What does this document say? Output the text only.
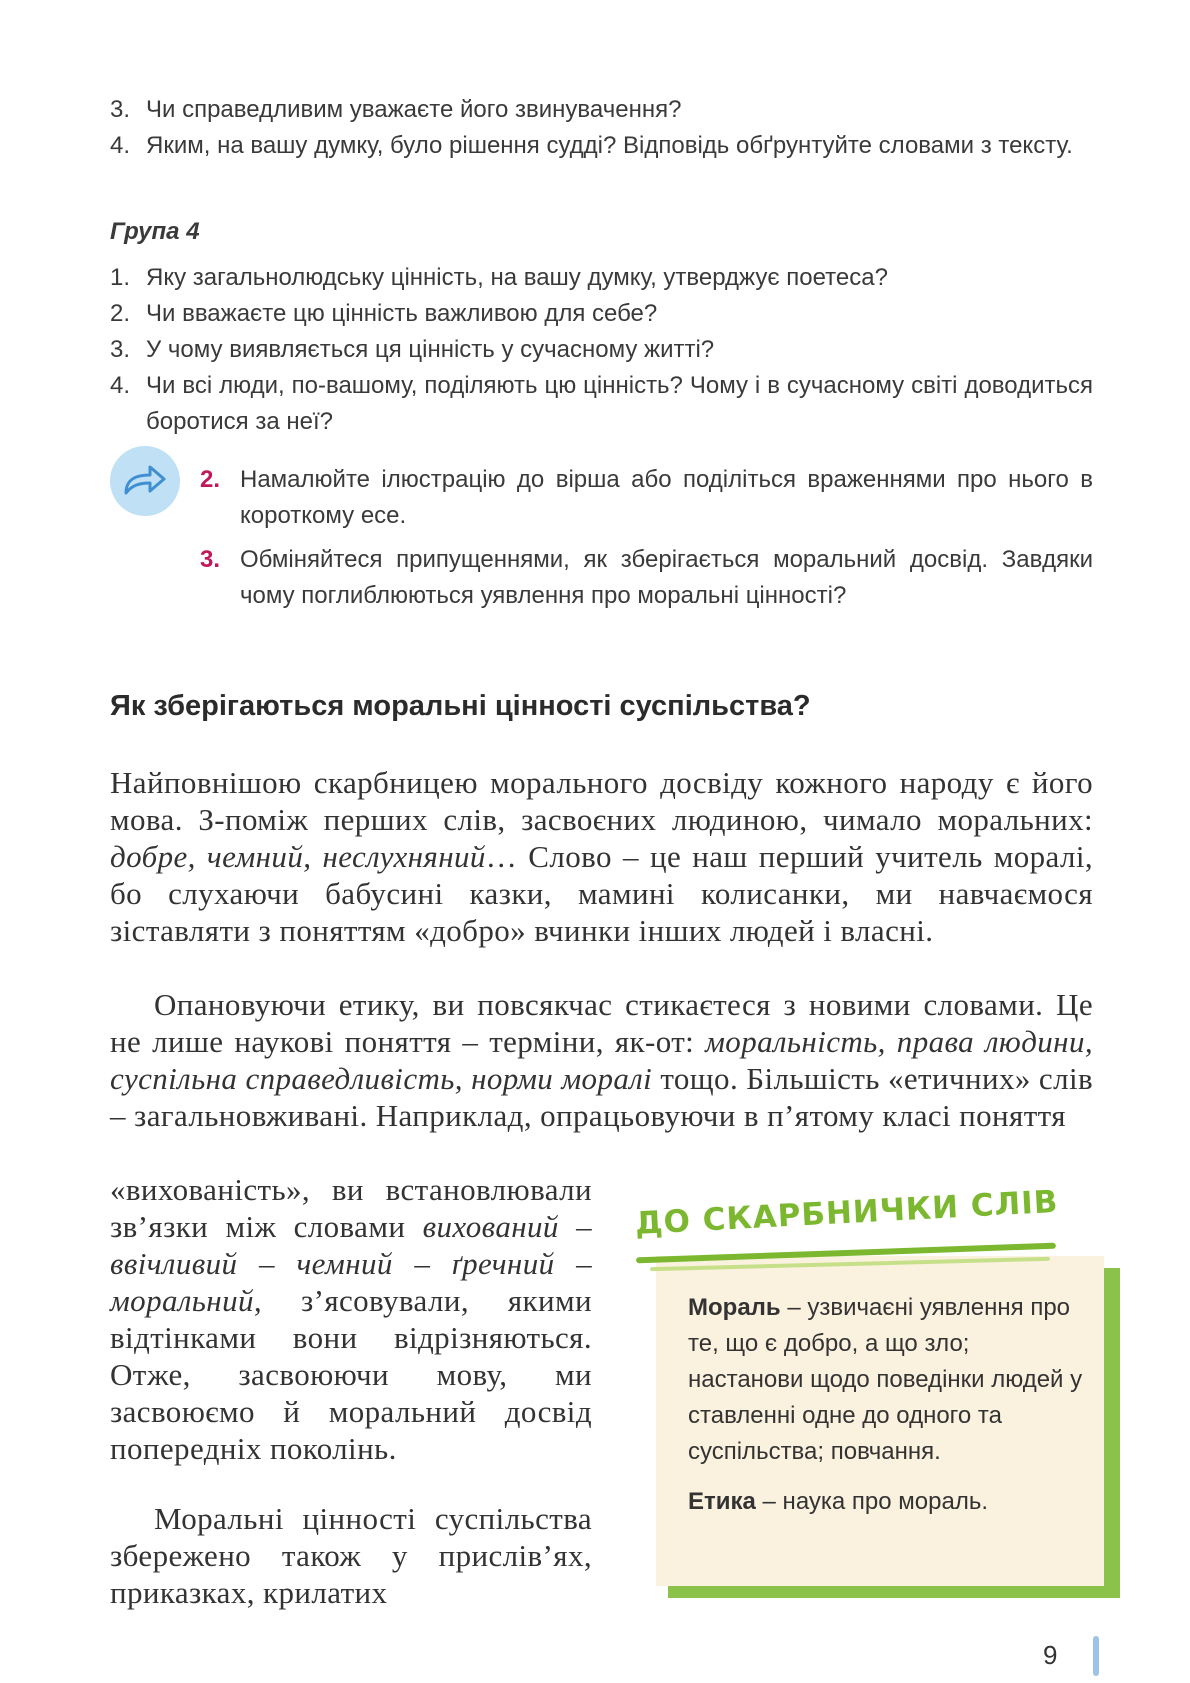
3. Чи справедливим уважаєте його звинувачення?
4. Яким, на вашу думку, було рішення судді? Відповідь обґрунтуйте словами з тексту.
Група 4
1. Яку загальнолюдську цінність, на вашу думку, утверджує поетеса?
2. Чи вважаєте цю цінність важливою для себе?
3. У чому виявляється ця цінність у сучасному житті?
4. Чи всі люди, по-вашому, поділяють цю цінність? Чому і в сучасному світі доводиться боротися за неї?
2. Намалюйте ілюстрацію до вірша або поділіться враженнями про нього в короткому есе.
3. Обміняйтеся припущеннями, як зберігається моральний досвід. Завдяки чому поглиблюються уявлення про моральні цінності?
Як зберігаються моральні цінності суспільства?

Найповнішою скарбницею морального досвіду кожного народу є його мова. З-поміж перших слів, засвоєних людиною, чимало моральних: добре, чемний, неслухняний… Слово – це наш перший учитель моралі, бо слухаючи бабусині казки, мамині колисанки, ми навчаємося зіставляти з поняттям «добро» вчинки інших людей і власні.

Опановуючи етику, ви повсякчас стикаєтеся з новими словами. Це не лише наукові поняття – терміни, як-от: моральність, права людини, суспільна справедливість, норми моралі тощо. Більшість «етичних» слів – загальновживані. Наприклад, опрацьовуючи в п’ятому класі поняття

«вихованість», ви встановлювали зв’язки між словами вихований – ввічливий – чемний – ґречний – моральний, з’ясовували, якими відтінками вони відрізняються. Отже, засвоюючи мову, ми засвоюємо й моральний досвід попередніх поколінь.

Моральні цінності суспільства збережено також у прислів’ях, приказках, крилатих

ДО СКАРБНИЧКИ СЛІВ

Мораль – узвичаєні уявлення про те, що є добро, а що зло; настанови щодо поведінки людей у ставленні одне до одного та суспільства; повчання.

Етика – наука про мораль.

9
